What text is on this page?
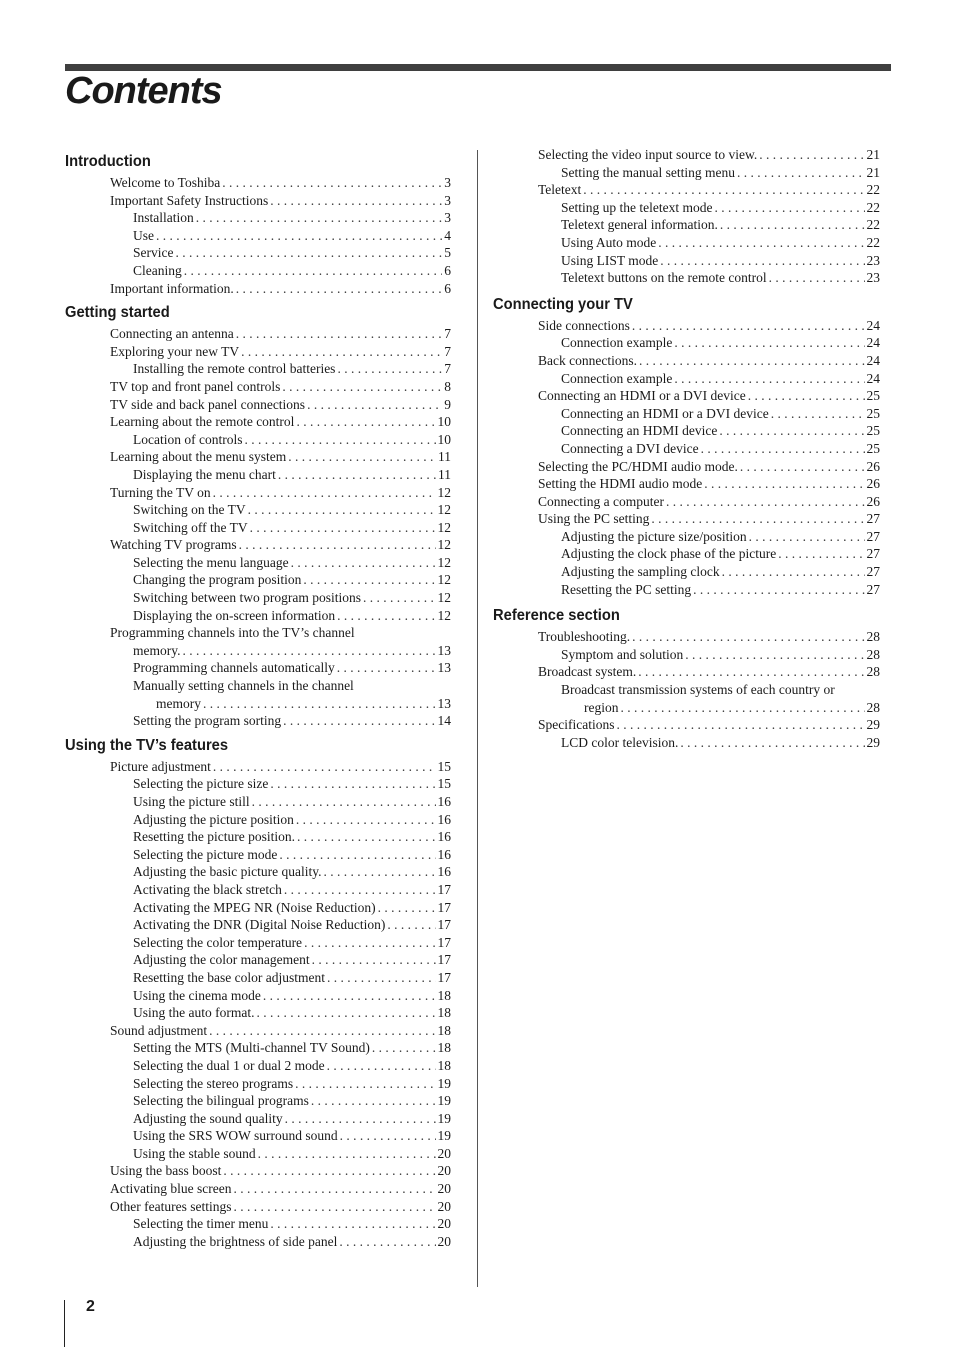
Contents
Introduction
Welcome to Toshiba . . .	3
Important Safety Instructions . . .	3
Installation . . .	3
Use . . .	4
Service . . .	5
Cleaning . . .	6
Important information. . . .	6
Getting started
Connecting an antenna . . .	7
Exploring your new TV . . .	7
Installing the remote control batteries . . .	7
TV top and front panel controls . . .	8
TV side and back panel connections . . .	9
Learning about the remote control . . .	10
Location of controls . . .	10
Learning about the menu system . . .	11
Displaying the menu chart . . .	11
Turning the TV on . . .	12
Switching on the TV . . .	12
Switching off the TV . . .	12
Watching TV programs . . .	12
Selecting the menu language . . .	12
Changing the program position . . .	12
Switching between two program positions . . .	12
Displaying the on-screen information . . .	12
Programming channels into the TV’s channel
memory. . . .	13
Programming channels automatically . . .	13
Manually setting channels in the channel
memory . . .	13
Setting the program sorting . . .	14
Using the TV’s features
Picture adjustment . . .	15
Selecting the picture size . . .	15
Using the picture still . . .	16
Adjusting the picture position . . .	16
Resetting the picture position. . . .	16
Selecting the picture mode . . .	16
Adjusting the basic picture quality. . . .	16
Activating the black stretch . . .	17
Activating the MPEG NR (Noise Reduction) . . .	17
Activating the DNR (Digital Noise Reduction) . . .	17
Selecting the color temperature . . .	17
Adjusting the color management . . .	17
Resetting the base color adjustment . . .	17
Using the cinema mode . . .	18
Using the auto format. . . .	18
Sound adjustment . . .	18
Setting the MTS (Multi-channel TV Sound) . . .	18
Selecting the dual 1 or dual 2 mode . . .	18
Selecting the stereo programs . . .	19
Selecting the bilingual programs . . .	19
Adjusting the sound quality . . .	19
Using the SRS WOW surround sound . . .	19
Using the stable sound . . .	20
Using the bass boost . . .	20
Activating blue screen . . .	20
Other features settings . . .	20
Selecting the timer menu . . .	20
Adjusting the brightness of side panel . . .	20
Selecting the video input source to view. . . .	21
Setting the manual setting menu . . .	21
Teletext . . .	22
Setting up the teletext mode . . .	22
Teletext general information. . . .	22
Using Auto mode . . .	22
Using LIST mode . . .	23
Teletext buttons on the remote control . . .	23
Connecting your TV
Side connections . . .	24
Connection example . . .	24
Back connections. . . .	24
Connection example . . .	24
Connecting an HDMI or a DVI device . . .	25
Connecting an HDMI or a DVI device . . .	25
Connecting an HDMI device . . .	25
Connecting a DVI device . . .	25
Selecting the PC/HDMI audio mode. . . .	26
Setting the HDMI audio mode . . .	26
Connecting a computer . . .	26
Using the PC setting . . .	27
Adjusting the picture size/position . . .	27
Adjusting the clock phase of the picture . . .	27
Adjusting the sampling clock . . .	27
Resetting the PC setting . . .	27
Reference section
Troubleshooting. . . .	28
Symptom and solution . . .	28
Broadcast system. . . .	28
Broadcast transmission systems of each country or
region . . .	28
Specifications . . .	29
LCD color television. . . .	29
2
